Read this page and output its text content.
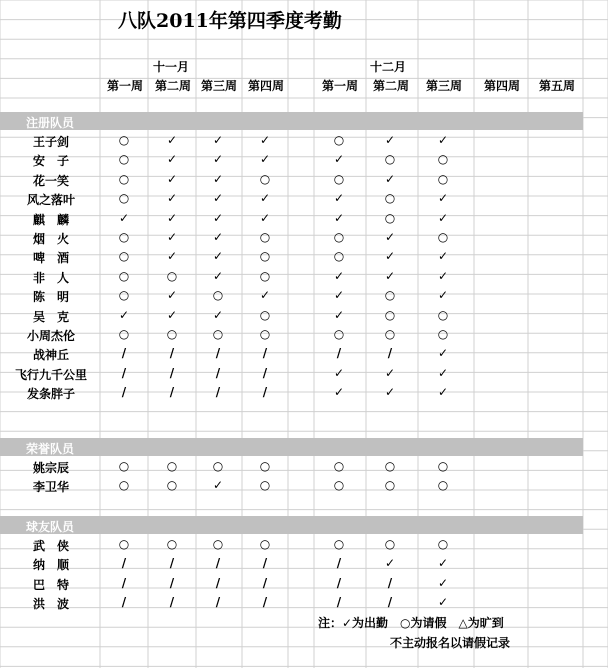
八队2011年第四季度考勤
十一月	十二月
第一周 第二周 第三周 第四周	第一周	第二周	第三周	第四周	第五周
注册队员
荣誉队员
球友队员
王子剑	○	✓	✓	✓	○	✓	✓
安　子	○	✓	✓	✓	✓	○	○
花一笑	○	✓	✓	○	○	✓	○
风之落叶	○	✓	✓	✓	✓	○	✓
麒　麟	✓	✓	✓	✓	✓	○	✓
烟　火	○	✓	✓	○	○	✓	○
啤　酒	○	✓	✓	○	○	✓	✓
非　人	○	○	✓	○	✓	✓	✓
陈　明	○	✓	○	✓	✓	○	✓
吴　克	✓	✓	✓	○	✓	○	○
小周杰伦	○	○	○	○	○	○	○
战神丘	/	/	/	/	/	/	✓
飞行九千公里	/	/	/	/	✓	✓	✓
发条胖子	/	/	/	/	✓	✓	✓
姚宗辰	○	○	○	○	○	○	○
李卫华	○	○	✓	○	○	○	○
武　侠	○	○	○	○	○	○	○
纳　顺	/	/	/	/	/	✓	✓
巴　特	/	/	/	/	/	/	✓
洪　波	/	/	/	/	/	/	✓
注：✓为出勤　○为请假　△为旷到
不主动报名以请假记录
